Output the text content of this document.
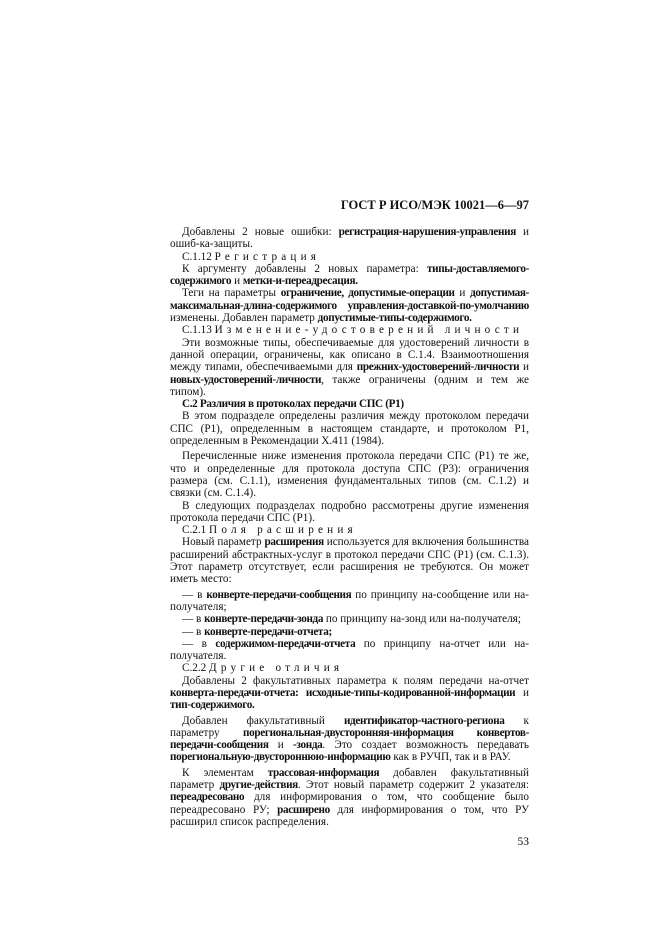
ГОСТ Р ИСО/МЭК 10021—6—97

Добавлены 2 новые ошибки: регистрация-нарушения-управления и ошиб-ка-защиты.

С.1.12 Регистрация

К аргументу добавлены 2 новых параметра: типы-доставляемого-содержимого и метки-и-переадресация.

Теги на параметры ограничение, допустимые-операции и допустимая-максимальная-длина-содержимого управления-доставкой-по-умолчанию изменены. Добавлен параметр допустимые-типы-содержимого.

С.1.13 Изменение-удостоверений личности

Эти возможные типы, обеспечиваемые для удостоверений личности в данной операции, ограничены, как описано в С.1.4. Взаимоотношения между типами, обеспечиваемыми для прежних-удостоверений-личности и новых-удостоверений-личности, также ограничены (одним и тем же типом).

С.2 Различия в протоколах передачи СПС (Р1)

В этом подразделе определены различия между протоколом передачи СПС (Р1), определенным в настоящем стандарте, и протоколом Р1, определенным в Рекомендации Х.411 (1984).

Перечисленные ниже изменения протокола передачи СПС (Р1) те же, что и определенные для протокола доступа СПС (Р3): ограничения размера (см. С.1.1), изменения фундаментальных типов (см. С.1.2) и связки (см. С.1.4).

В следующих подразделах подробно рассмотрены другие изменения протокола передачи СПС (Р1).

С.2.1 Поля расширения

Новый параметр расширения используется для включения большинства расширений абстрактных-услуг в протокол передачи СПС (Р1) (см. С.1.3). Этот параметр отсутствует, если расширения не требуются. Он может иметь место:

— в конверте-передачи-сообщения по принципу на-сообщение или на-получателя;

— в конверте-передачи-зонда по принципу на-зонд или на-получателя;

— в конверте-передачи-отчета;

— в содержимом-передачи-отчета по принципу на-отчет или на-получателя.

С.2.2 Другие отличия

Добавлены 2 факультативных параметра к полям передачи на-отчет конверта-передачи-отчета: исходные-типы-кодированной-информации и тип-содержимого.

Добавлен факультативный идентификатор-частного-региона к параметру порегиональная-двусторонняя-информация конвертов-передачи-сообщения и -зонда. Это создает возможность передавать порегиональную-двустороннюю-информацию как в РУЧП, так и в РАУ.

К элементам трассовая-информация добавлен факультативный параметр другие-действия. Этот новый параметр содержит 2 указателя: переадресовано для информирования о том, что сообщение было переадресовано РУ; расширено для информирования о том, что РУ расширил список распределения.

53
